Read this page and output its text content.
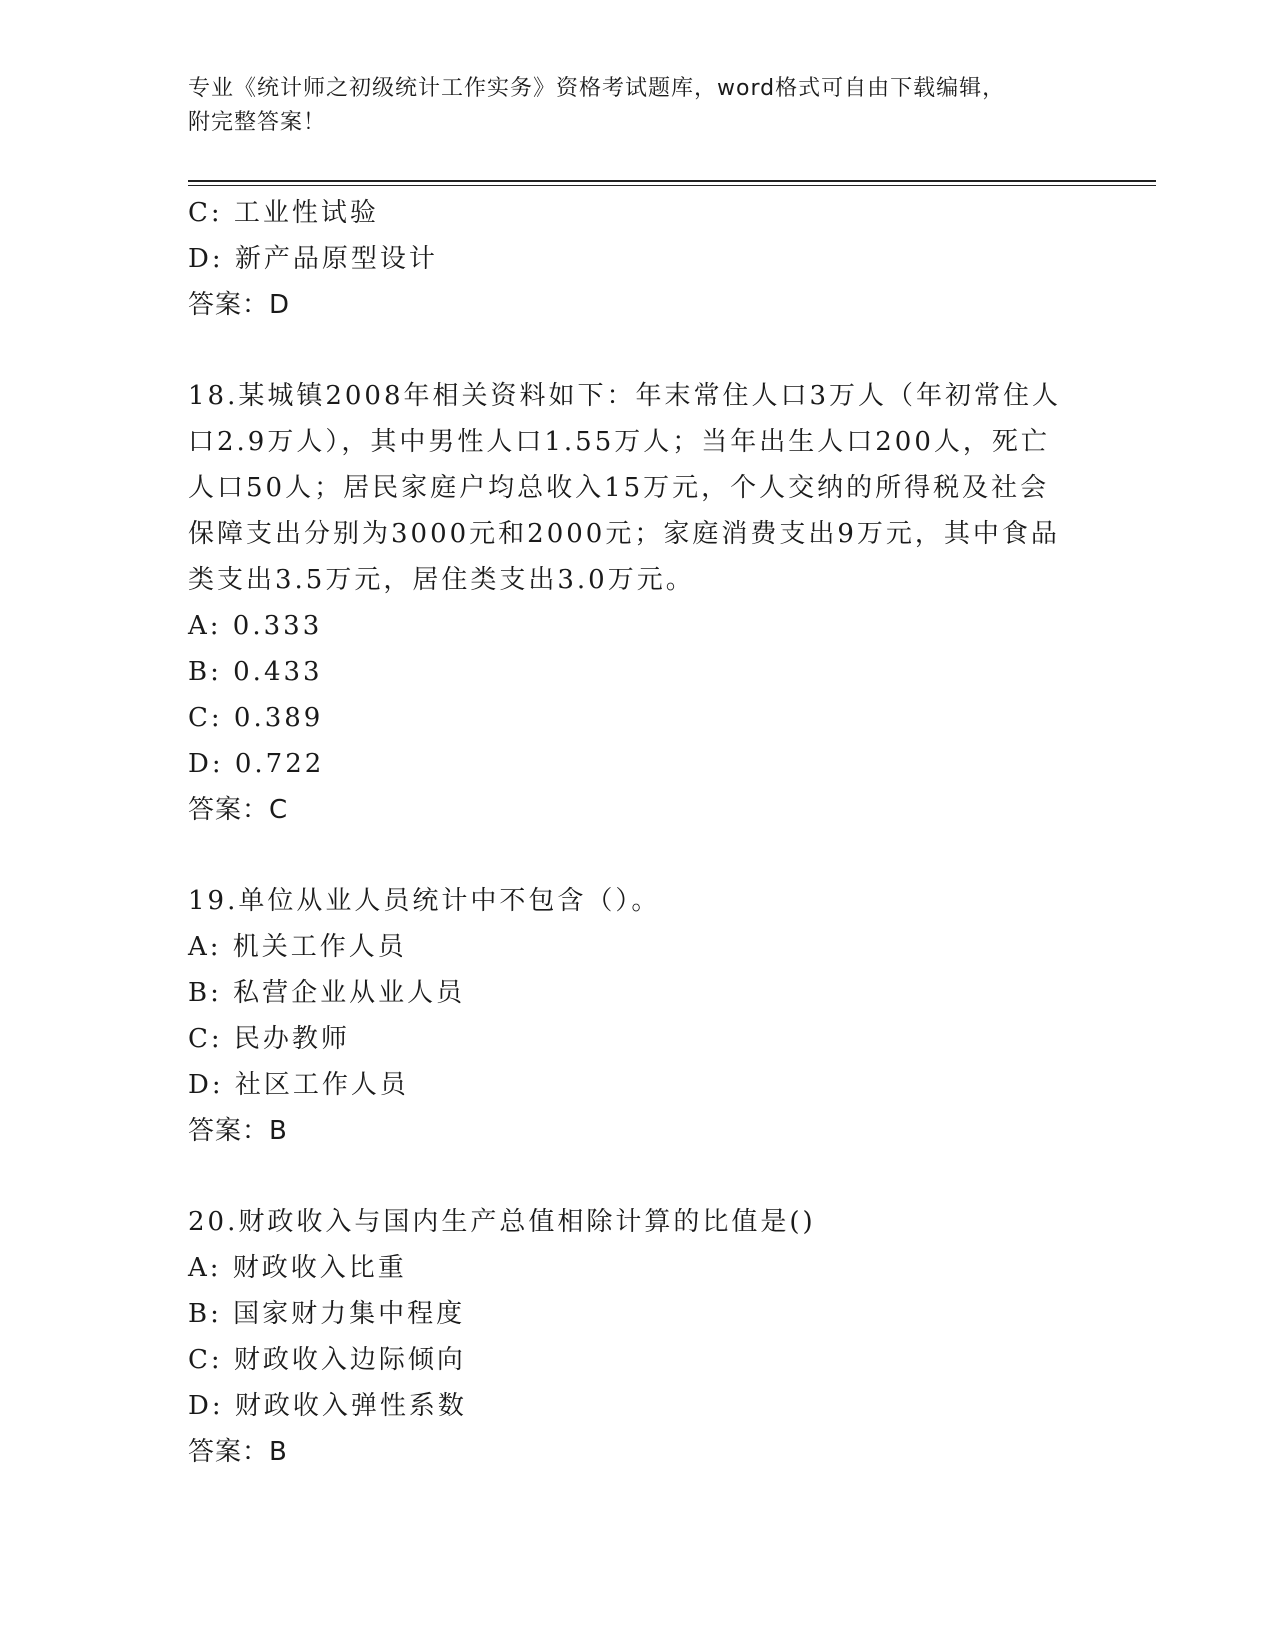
专业《统计师之初级统计工作实务》资格考试题库，word格式可自由下载编辑，
附完整答案！
C: 工业性试验
D: 新产品原型设计
答案：D
18.某城镇2008年相关资料如下：年末常住人口3万人（年初常住人
口2.9万人），其中男性人口1.55万人；当年出生人口200人，死亡
人口50人；居民家庭户均总收入15万元，个人交纳的所得税及社会
保障支出分别为3000元和2000元；家庭消费支出9万元，其中食品
类支出3.5万元，居住类支出3.0万元。
A: 0.333
B: 0.433
C: 0.389
D: 0.722
答案：C
19.单位从业人员统计中不包含（）。
A: 机关工作人员
B: 私营企业从业人员
C: 民办教师
D: 社区工作人员
答案：B
20.财政收入与国内生产总值相除计算的比值是()
A: 财政收入比重
B: 国家财力集中程度
C: 财政收入边际倾向
D: 财政收入弹性系数
答案：B
